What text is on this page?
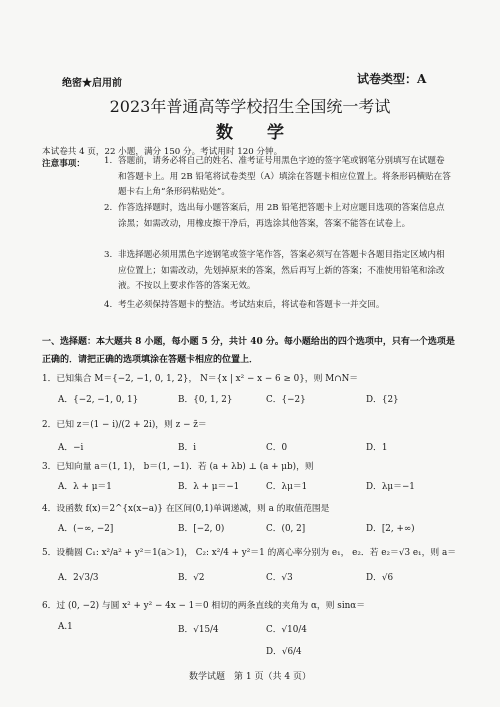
绝密★启用前	试卷类型：A
2023年普通高等学校招生全国统一考试
数 学
本试卷共 4 页，22 小题，满分 150 分。考试用时 120 分钟。
注意事项： 1. 答题前，请务必将自己的姓名、准考证号用黑色字迹的签字笔或钢笔分别填写在试题卷和答题卡上。用 2B 铅笔将试卷类型（A）填涂在答题卡相应位置上。将条形码横贴在答题卡右上角“条形码粘贴处”。
2. 作答选择题时，选出每小题答案后，用 2B 铅笔把答题卡上对应题目选项的答案信息点涂黑；如需改动，用橡皮擦干净后，再选涂其他答案，答案不能答在试卷上。
3. 非选择题必须用黑色字迹钢笔或签字笔作答，答案必须写在答题卡各题目指定区域内相应位置上；如需改动，先划掉原来的答案，然后再写上新的答案；不准使用铅笔和涂改液。不按以上要求作答的答案无效。
4. 考生必须保持答题卡的整洁。考试结束后，将试卷和答题卡一并交回。
一、选择题：本大题共 8 小题，每小题 5 分，共计 40 分。每小题给出的四个选项中，只有一个选项是正确的．请把正确的选项填涂在答题卡相应的位置上．
1．已知集合 M＝{−2, −1, 0, 1, 2}， N＝{x | x² − x − 6 ≥ 0}，则 M∩N＝
A．{−2, −1, 0, 1}	B．{0, 1, 2}	C．{−2}	D．{2}
2．已知 z＝(1 − i)/(2 + 2i)，则 z − z̄＝
A．−i	B．i	C．0	D．1
3．已知向量 a＝(1, 1)， b＝(1, −1)．若 (a + λb) ⊥ (a + μb)，则
A．λ + μ＝1	B．λ + μ＝−1	C．λμ＝1	D．λμ＝−1
4．设函数 f(x)＝2^{x(x−a)} 在区间(0,1)单调递减，则 a 的取值范围是
A．(−∞, −2]	B．[−2, 0)	C．(0, 2]	D．[2, +∞)
5．设椭圆 C₁: x²/a² + y²＝1(a＞1)， C₂: x²/4 + y²＝1 的离心率分别为 e₁， e₂．若 e₂＝√3 e₁，则 a＝
A．2√3/3	B．√2	C．√3	D．√6
6．过 (0, −2) 与圆 x² + y² − 4x − 1＝0 相切的两条直线的夹角为 α，则 sinα＝
A.1	B．√15/4	C．√10/4
D．√6/4
数学试题　第 1 页（共 4 页）
